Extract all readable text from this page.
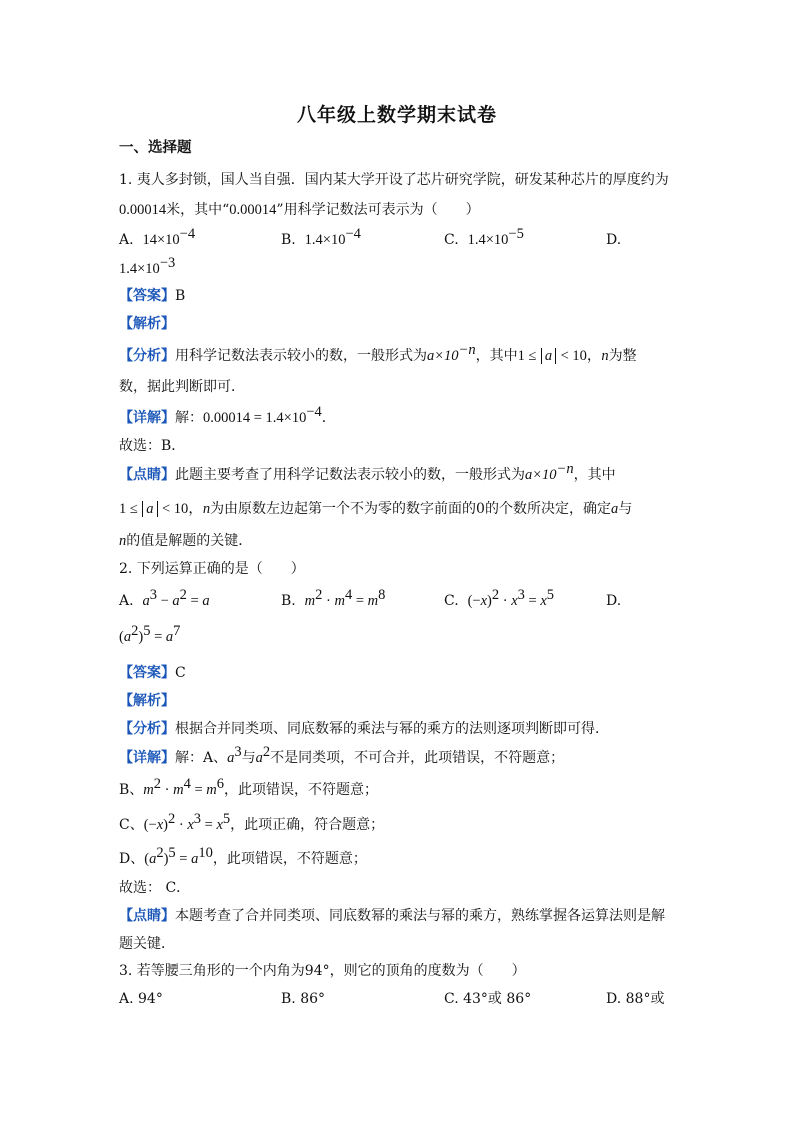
八年级上数学期末试卷
一、选择题
1. 夷人多封锁，国人当自强．国内某大学开设了芯片研究学院，研发某种芯片的厚度约为
0.00014米，其中“0.00014”用科学记数法可表示为（　　）
A. $14\times 10^{-4}$	B. $1.4\times 10^{-4}$	C. $1.4\times 10^{-5}$	D.
$1.4\times 10^{-3}$
【答案】B
【解析】
【分析】用科学记数法表示较小的数，一般形式为$a\times 10^{-n}$，其中1 ≤ a < 10，n为整
数，据此判断即可．
【详解】解：$0.00014 = 1.4\times 10^{-4}$．
故选：B．
【点睛】此题主要考查了用科学记数法表示较小的数，一般形式为$a\times 10^{-n}$，其中
1 ≤ a < 10，n为由原数左边起第一个不为零的数字前面的0的个数所决定，确定a与
n的值是解题的关键．
2. 下列运算正确的是（　　）
A. $a^3 - a^2 = a$	B. $m^2 \cdot m^4 = m^8$	C. $(-x)^2 \cdot x^3 = x^5$	D.
$(a^2)^5 = a^7$
【答案】C
【解析】
【分析】根据合并同类项、同底数幂的乘法与幂的乘方的法则逐项判断即可得．
【详解】解：A、$a^3$与$a^2$不是同类项，不可合并，此项错误，不符题意；
B、$m^2 \cdot m^4 = m^6$，此项错误，不符题意；
C、$(-x)^2 \cdot x^3 = x^5$，此项正确，符合题意；
D、$(a^2)^5 = a^{10}$，此项错误，不符题意；
故选： C．
【点睛】本题考查了合并同类项、同底数幂的乘法与幂的乘方，熟练掌握各运算法则是解
题关键．
3. 若等腰三角形的一个内角为94°，则它的顶角的度数为（　　）
A. 94°	B. 86°	C. 43°或 86°	D. 88°或
